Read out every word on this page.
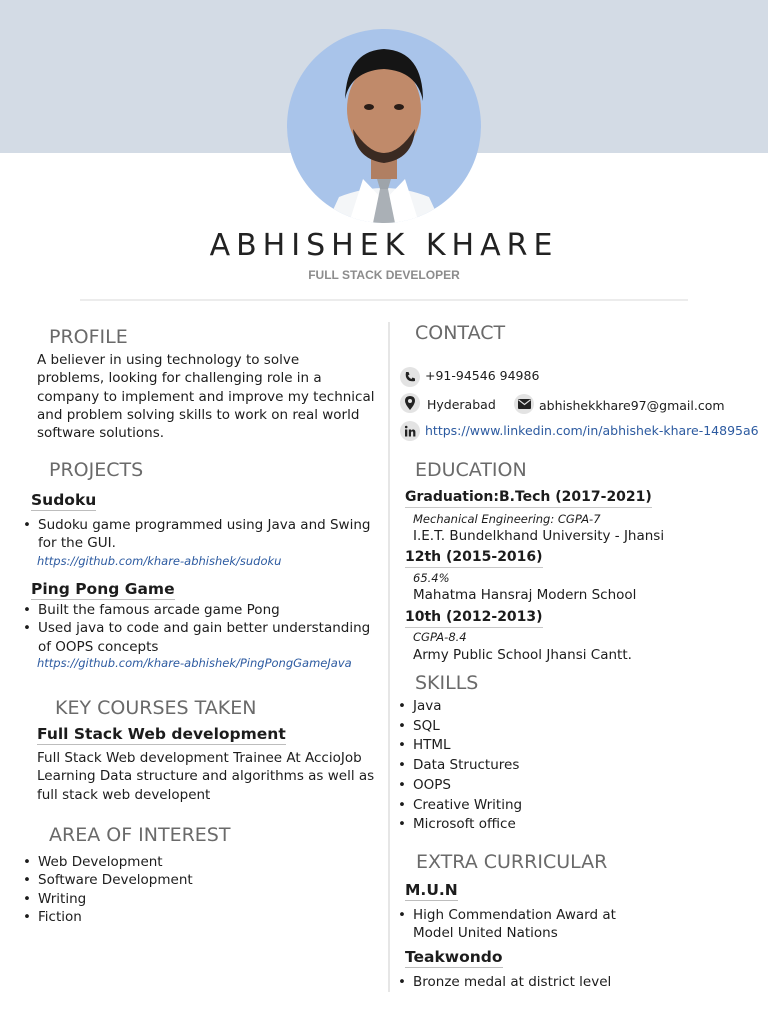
ABHISHEK KHARE
FULL STACK DEVELOPER
PROFILE
A believer in using technology to solve
problems, looking for challenging role in a
company to implement and improve my technical
and problem solving skills to work on real world
software solutions.
PROJECTS
Sudoku
• Sudoku game programmed using Java and Swing
for the GUI.
https://github.com/khare-abhishek/sudoku
Ping Pong Game
• Built the famous arcade game Pong
• Used java to code and gain better understanding
of OOPS concepts
https://github.com/khare-abhishek/PingPongGameJava
KEY COURSES TAKEN
Full Stack Web development
Full Stack Web development Trainee At AccioJob
Learning Data structure and algorithms as well as
full stack web developent
AREA OF INTEREST
• Web Development
• Software Development
• Writing
• Fiction
CONTACT
+91-94546 94986
Hyderabad	abhishekkhare97@gmail.com
https://www.linkedin.com/in/abhishek-khare-14895a6
EDUCATION
Graduation:B.Tech (2017-2021)
Mechanical Engineering: CGPA-7
I.E.T. Bundelkhand University - Jhansi
12th (2015-2016)
65.4%
Mahatma Hansraj Modern School
10th (2012-2013)
CGPA-8.4
Army Public School Jhansi Cantt.
SKILLS
• Java
• SQL
• HTML
• Data Structures
• OOPS
• Creative Writing
• Microsoft office
EXTRA CURRICULAR
M.U.N
• High Commendation Award at
Model United Nations
Teakwondo
• Bronze medal at district level
